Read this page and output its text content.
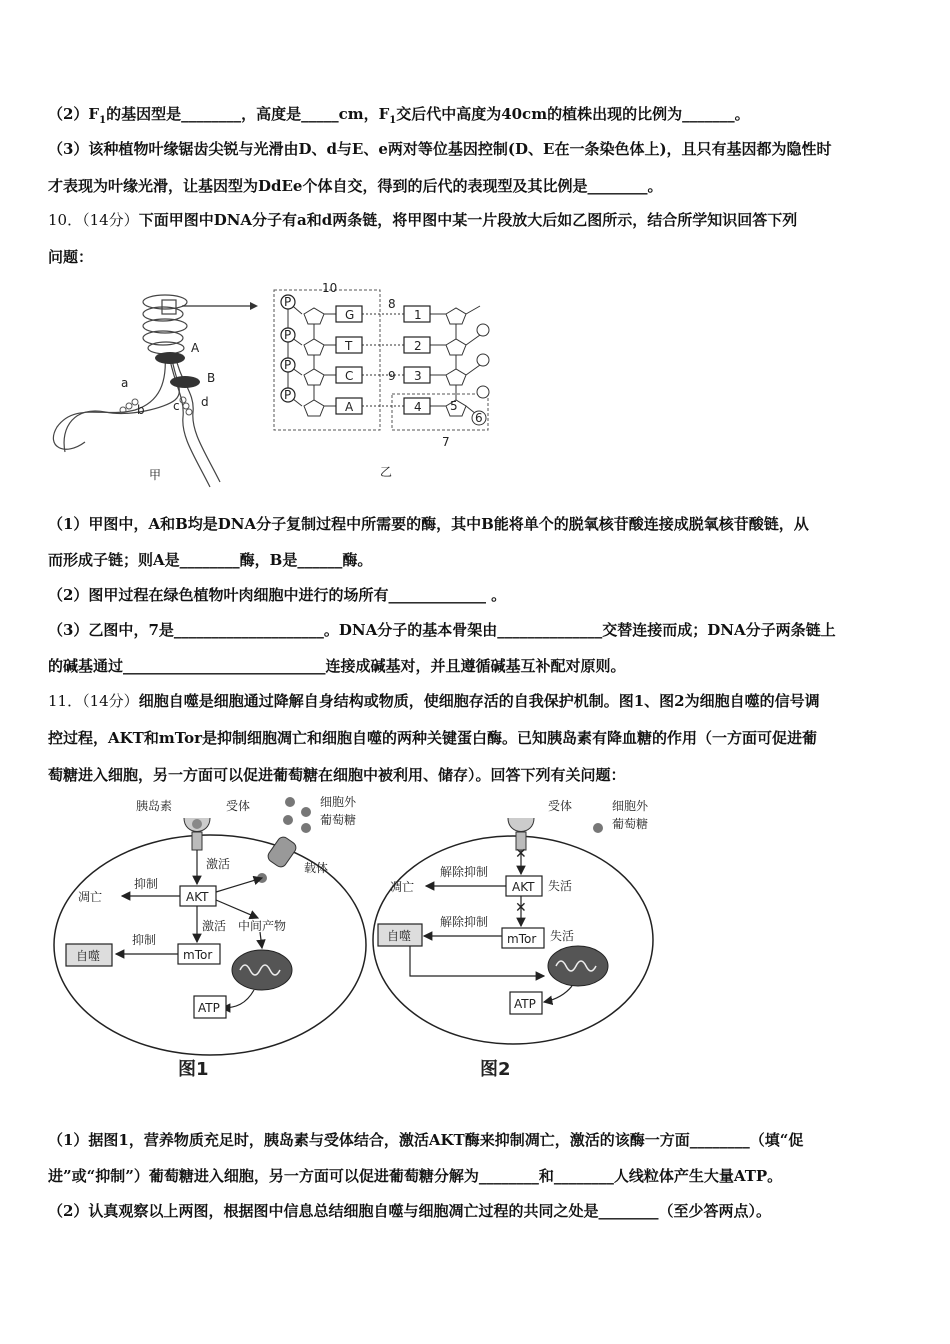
$(2)F_1$的基因型是________，高度是_____cm，$F_1$交后代中高度为40cm的植株出现的比例为_______。
（3）该种植物叶缘锯齿尖锐与光滑由D、d与E、e两对等位基因控制(D、E在一条染色体上)，且只有基因都为隐性时
才表现为叶缘光滑，让基因型为DdEe个体自交，得到的后代的表现型及其比例是________。
10．（14分）下面甲图中DNA分子有a和d两条链，将甲图中某一片段放大后如乙图所示，结合所学知识回答下列
问题：
A
B
a
b c d
甲
10
7
P
P
P
P
G
T
C
A
1
2
3
4
8
9
5
6
乙
（1）甲图中，A和B均是DNA分子复制过程中所需要的酶，其中B能将单个的脱氧核苷酸连接成脱氧核苷酸链，从
而形成子链；则A是________酶，B是______酶。
（2）图甲过程在绿色植物叶肉细胞中进行的场所有_____________ 。
（3）乙图中，7是____________________。DNA分子的基本骨架由______________交替连接而成；DNA分子两条链上
的碱基通过___________________________连接成碱基对，并且遵循碱基互补配对原则。
11．（14分）细胞自噬是细胞通过降解自身结构或物质，使细胞存活的自我保护机制。图1、图2为细胞自噬的信号调
控过程，AKT和mTor是抑制细胞凋亡和细胞自噬的两种关键蛋白酶。已知胰岛素有降血糖的作用（一方面可促进葡
萄糖进入细胞，另一方面可以促进葡萄糖在细胞中被利用、储存）。回答下列有关问题：
胰岛素	受体	细胞外
葡萄糖
载体
激活
AKT
抑制
凋亡
激活 中间产物
mTor
抑制
自噬
ATP
图1
受体	细胞外
葡萄糖
✕
AKT 失活
解除抑制
凋亡
✕
mTor 失活
解除抑制
自噬
ATP
图2
（1）据图1，营养物质充足时，胰岛素与受体结合，激活AKT酶来抑制凋亡，激活的该酶一方面________（填“促
进”或“抑制”）葡萄糖进入细胞，另一方面可以促进葡萄糖分解为________和________人线粒体产生大量ATP。
（2）认真观察以上两图，根据图中信息总结细胞自噬与细胞凋亡过程的共同之处是________（至少答两点）。
